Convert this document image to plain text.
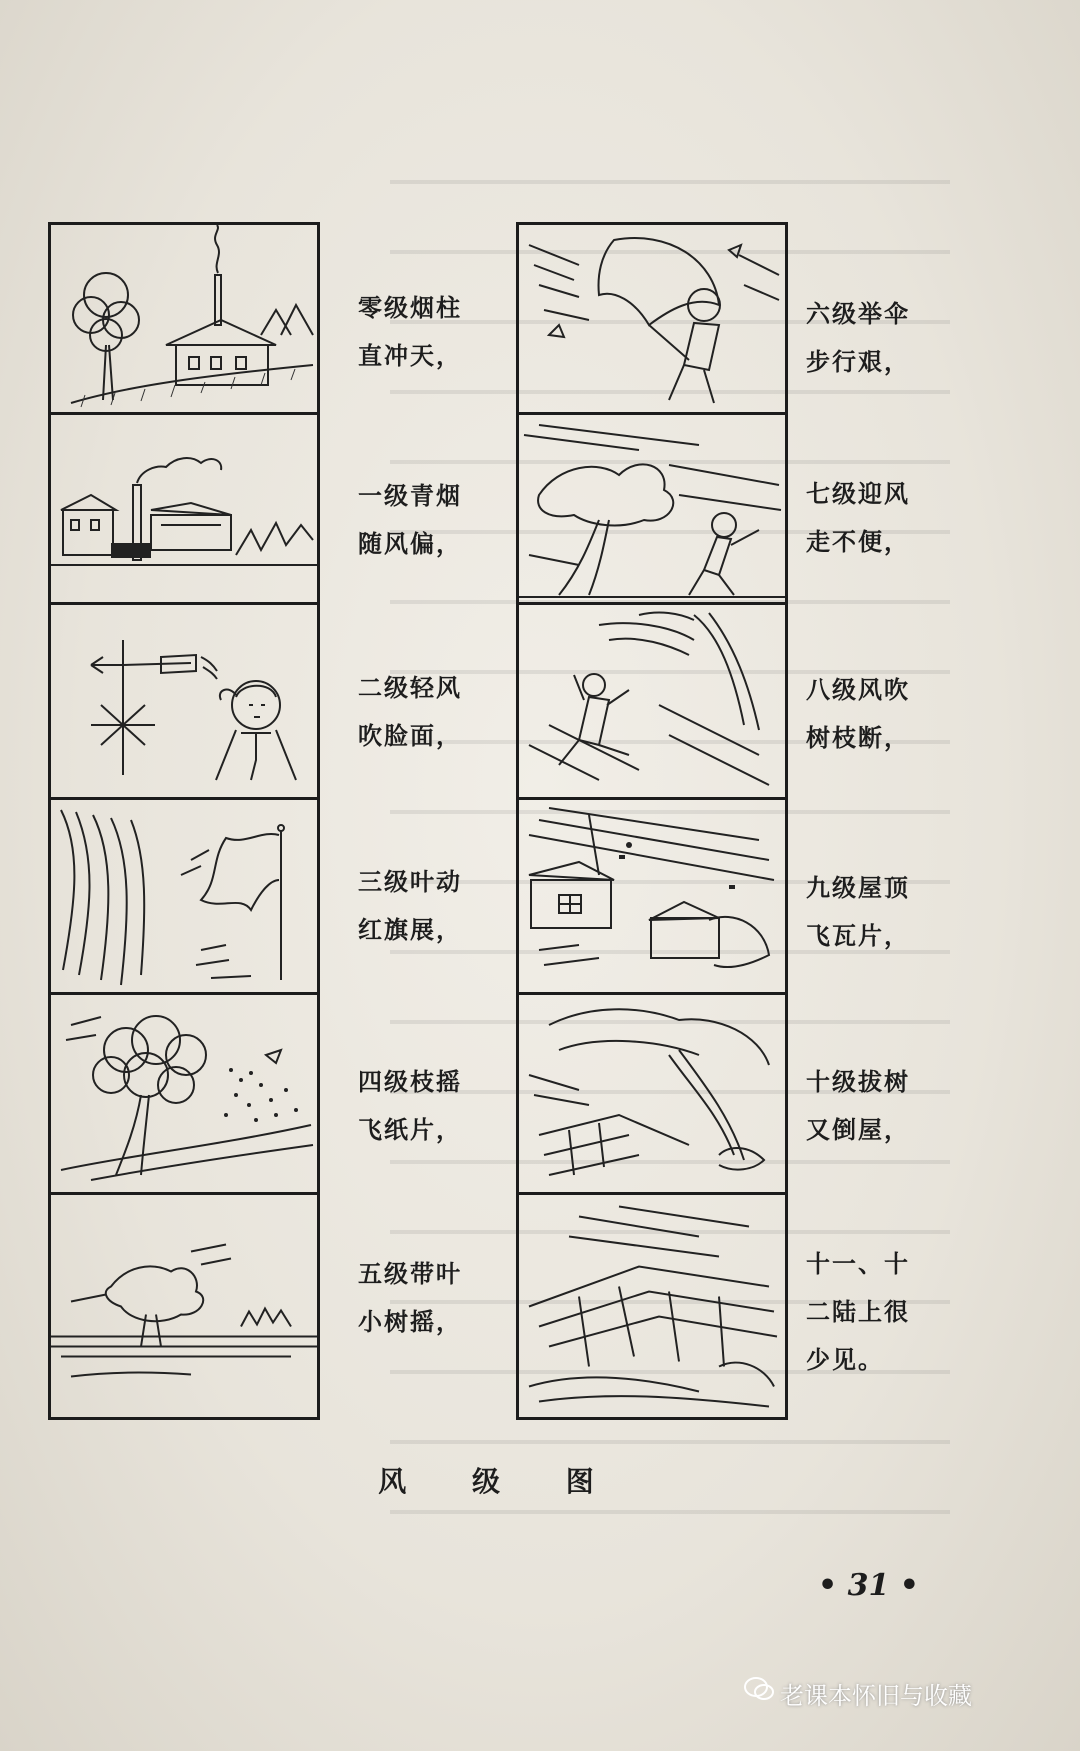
零级烟柱
直冲天，
一级青烟
随风偏，
二级轻风
吹脸面，
三级叶动
红旗展，
四级枝摇
飞纸片，
五级带叶
小树摇，
六级举伞
步行艰，
七级迎风
走不便，
八级风吹
树枝断，
九级屋顶
飞瓦片，
十级拔树
又倒屋，
十一、十
二陆上很
少见。
风 级 图
• 31 •
老课本怀旧与收藏
